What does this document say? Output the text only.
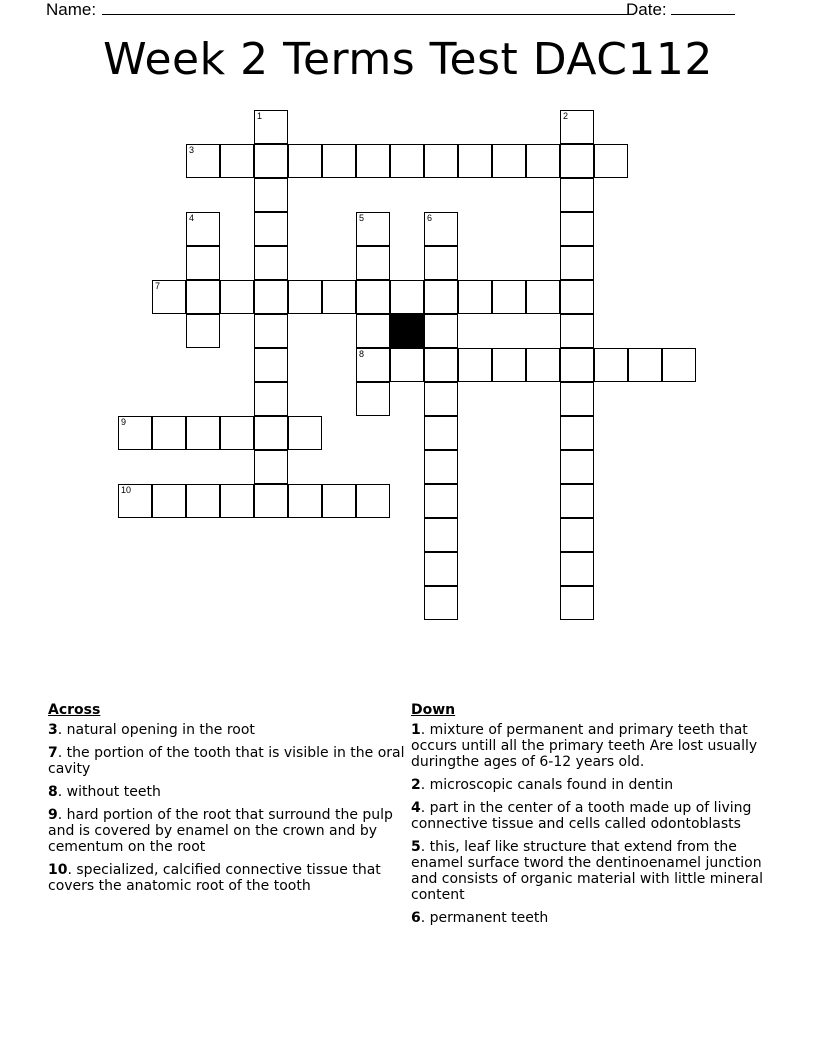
Name:	Date:
Week 2 Terms Test DAC112
1	2
3
4	5
8
6
7
9
10
Across
3. natural opening in the root
7. the portion of the tooth that is visible in the oral cavity
8. without teeth
9. hard portion of the root that surround the pulp and is covered by enamel on the crown and by cementum on the root
10. specialized, calcified connective tissue that covers the anatomic root of the tooth
Down
1. mixture of permanent and primary teeth that occurs untill all the primary teeth Are lost usually duringthe ages of 6-12 years old.
2. microscopic canals found in dentin
4. part in the center of a tooth made up of living connective tissue and cells called odontoblasts
5. this, leaf like structure that extend from the enamel surface tword the dentinoenamel junction and consists of organic material with little mineral content
6. permanent teeth
